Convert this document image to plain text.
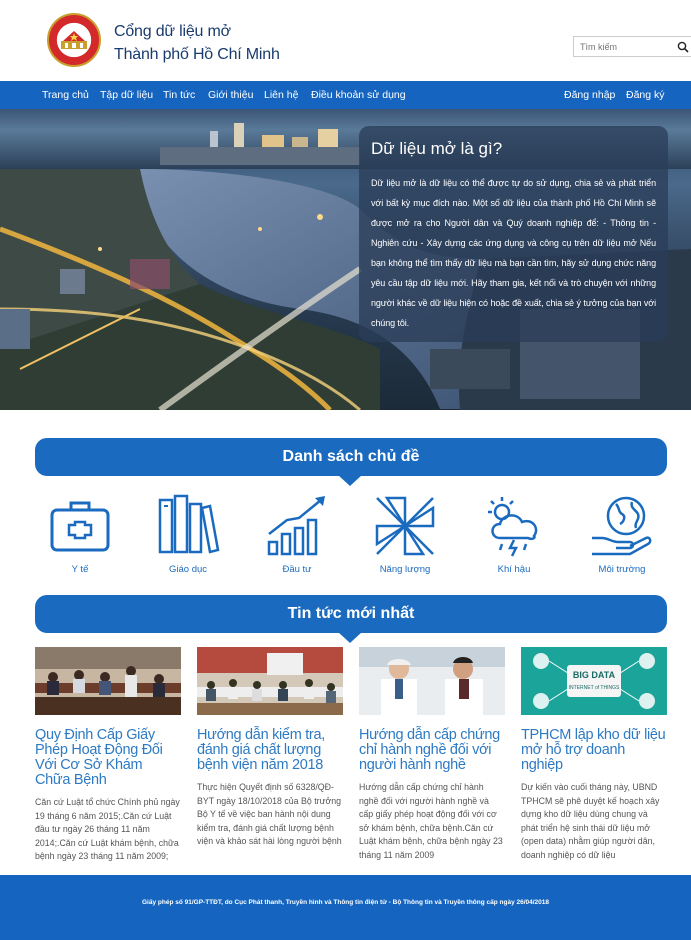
Cổng dữ liệu mở
Thành phố Hồ Chí Minh
Tìm kiếm
Trang chủ Tập dữ liệu Tin tức Giới thiệu Liên hệ Điều khoản sử dụng	Đăng nhập Đăng ký
Dữ liệu mở là gì?
Dữ liệu mở là dữ liệu có thể được tự do sử dụng, chia sẻ và phát triển với bất kỳ mục đích nào. Một số dữ liệu của thành phố Hồ Chí Minh sẽ được mở ra cho Người dân và Quý doanh nghiệp để: - Thông tin - Nghiên cứu - Xây dựng các ứng dụng và công cụ trên dữ liệu mở Nếu bạn không thể tìm thấy dữ liệu mà bạn cần tìm, hãy sử dụng chức năng yêu cầu tập dữ liệu mới. Hãy tham gia, kết nối và trò chuyện với những người khác về dữ liệu hiện có hoặc đề xuất, chia sẻ ý tưởng của bạn với chúng tôi.
Danh sách chủ đề
Y tế	Giáo dục	Đầu tư	Năng lượng	Khí hậu	Môi trường
Tin tức mới nhất
Quy Định Cấp Giấy Phép Hoạt Động Đối Với Cơ Sở Khám Chữa Bệnh
Căn cứ Luật tổ chức Chính phủ ngày 19 tháng 6 năm 2015;.Căn cứ Luật đầu tư ngày 26 tháng 11 năm 2014;.Căn cứ Luật khám bệnh, chữa bệnh ngày 23 tháng 11 năm 2009;
Hướng dẫn kiểm tra, đánh giá chất lượng bệnh viện năm 2018
Thực hiện Quyết định số 6328/QĐ-BYT ngày 18/10/2018 của Bộ trưởng Bộ Y tế về việc ban hành nội dung kiểm tra, đánh giá chất lượng bệnh viện và khảo sát hài lòng người bệnh
Hướng dẫn cấp chứng chỉ hành nghề đối với người hành nghề
Hướng dẫn cấp chứng chỉ hành nghề đối với người hành nghề và cấp giấy phép hoạt động đối với cơ sở khám bệnh, chữa bệnh.Căn cứ Luật khám bệnh, chữa bệnh ngày 23 tháng 11 năm 2009
BIG DATA
INTERNET of THINGS
TPHCM lập kho dữ liệu mở hỗ trợ doanh nghiệp
Dự kiến vào cuối tháng này, UBND TPHCM sẽ phê duyệt kế hoạch xây dựng kho dữ liệu dùng chung và phát triển hệ sinh thái dữ liệu mở (open data) nhằm giúp người dân, doanh nghiệp có dữ liệu
Giấy phép số 91/GP-TTĐT, do Cục Phát thanh, Truyền hình và Thông tin điện tử - Bộ Thông tin và Truyền thông cấp ngày 26/04/2018
